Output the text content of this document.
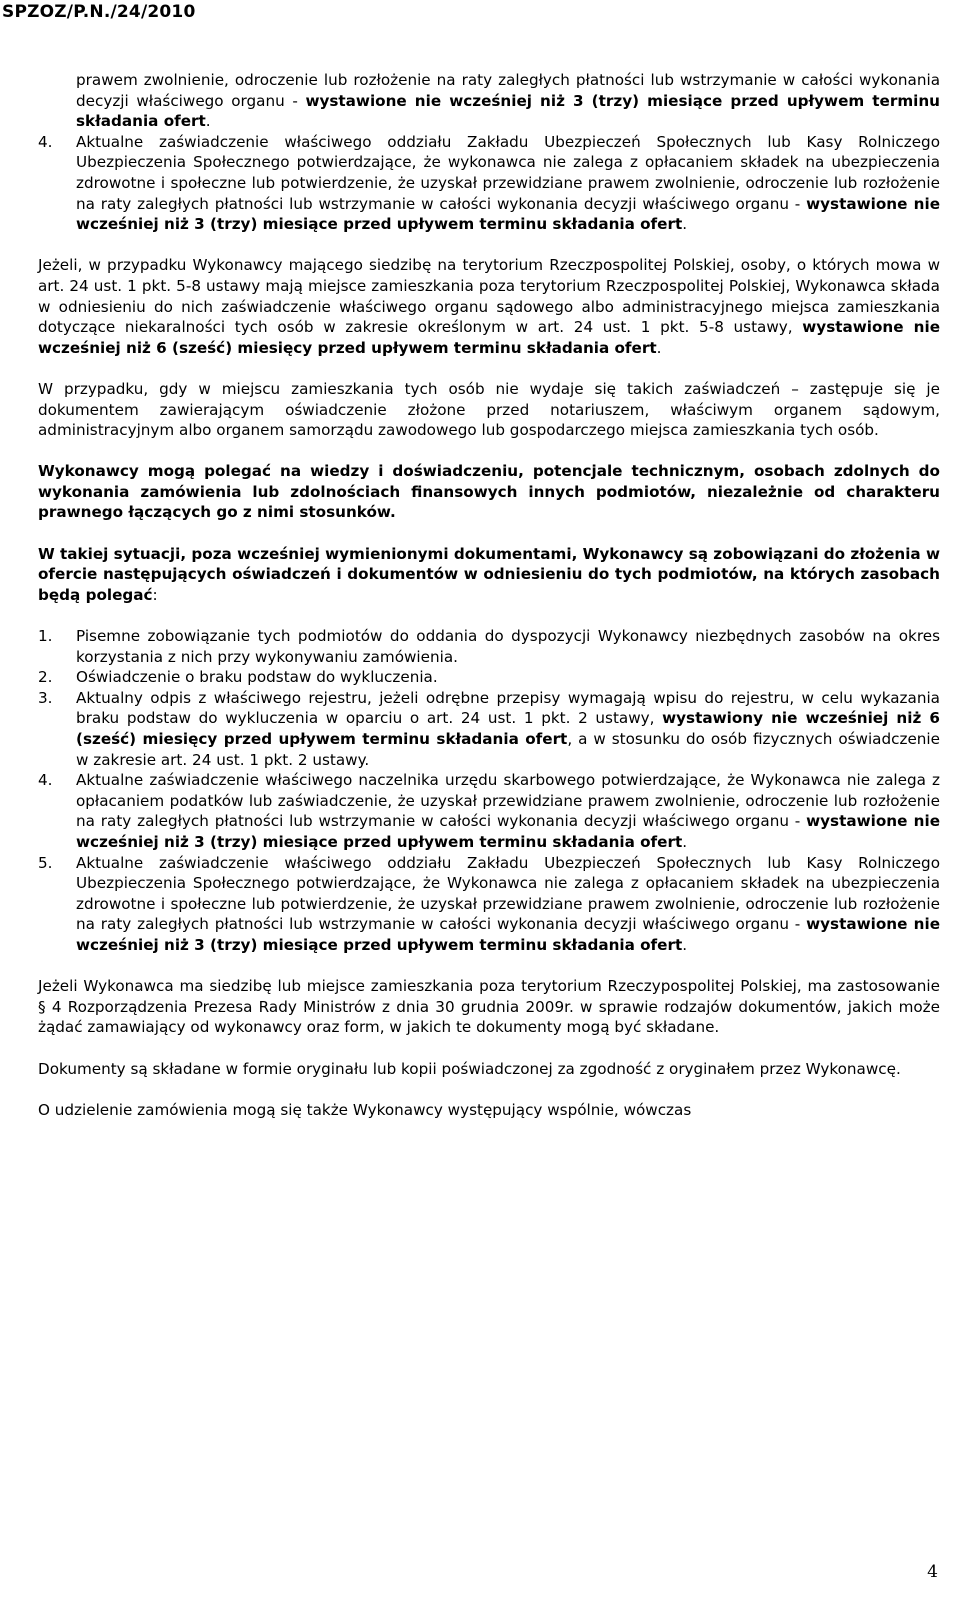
SPZOZ/P.N./24/2010

prawem zwolnienie, odroczenie lub rozłożenie na raty zaległych płatności lub wstrzymanie w całości wykonania decyzji właściwego organu - wystawione nie wcześniej niż 3 (trzy) miesiące przed upływem terminu składania ofert.

4.	Aktualne zaświadczenie właściwego oddziału Zakładu Ubezpieczeń Społecznych lub Kasy Rolniczego Ubezpieczenia Społecznego potwierdzające, że wykonawca nie zalega z opłacaniem składek na ubezpieczenia zdrowotne i społeczne lub potwierdzenie, że uzyskał przewidziane prawem zwolnienie, odroczenie lub rozłożenie na raty zaległych płatności lub wstrzymanie w całości wykonania decyzji właściwego organu - wystawione nie wcześniej niż 3 (trzy) miesiące przed upływem terminu składania ofert.

Jeżeli, w przypadku Wykonawcy mającego siedzibę na terytorium Rzeczpospolitej Polskiej, osoby, o których mowa w art. 24 ust. 1 pkt. 5-8 ustawy mają miejsce zamieszkania poza terytorium Rzeczpospolitej Polskiej, Wykonawca składa w odniesieniu do nich zaświadczenie właściwego organu sądowego albo administracyjnego miejsca zamieszkania dotyczące niekaralności tych osób w zakresie określonym w art. 24 ust. 1 pkt. 5-8 ustawy, wystawione nie wcześniej niż 6 (sześć) miesięcy przed upływem terminu składania ofert.

W przypadku, gdy w miejscu zamieszkania tych osób nie wydaje się takich zaświadczeń – zastępuje się je dokumentem zawierającym oświadczenie złożone przed notariuszem, właściwym organem sądowym, administracyjnym albo organem samorządu zawodowego lub gospodarczego miejsca zamieszkania tych osób.

Wykonawcy mogą polegać na wiedzy i doświadczeniu, potencjale technicznym, osobach zdolnych do wykonania zamówienia lub zdolnościach finansowych innych podmiotów, niezależnie od charakteru prawnego łączących go z nimi stosunków.

W takiej sytuacji, poza wcześniej wymienionymi dokumentami, Wykonawcy są zobowiązani do złożenia w ofercie następujących oświadczeń i dokumentów w odniesieniu do tych podmiotów, na których zasobach będą polegać:

1.	Pisemne zobowiązanie tych podmiotów do oddania do dyspozycji Wykonawcy niezbędnych zasobów na okres korzystania z nich przy wykonywaniu zamówienia.
2.	Oświadczenie o braku podstaw do wykluczenia.
3.	Aktualny odpis z właściwego rejestru, jeżeli odrębne przepisy wymagają wpisu do rejestru, w celu wykazania braku podstaw do wykluczenia w oparciu o art. 24 ust. 1 pkt. 2 ustawy, wystawiony nie wcześniej niż 6 (sześć) miesięcy przed upływem terminu składania ofert, a w stosunku do osób fizycznych oświadczenie w zakresie art. 24 ust. 1 pkt. 2 ustawy.
4.	Aktualne zaświadczenie właściwego naczelnika urzędu skarbowego potwierdzające, że Wykonawca nie zalega z opłacaniem podatków lub zaświadczenie, że uzyskał przewidziane prawem zwolnienie, odroczenie lub rozłożenie na raty zaległych płatności lub wstrzymanie w całości wykonania decyzji właściwego organu - wystawione nie wcześniej niż 3 (trzy) miesiące przed upływem terminu składania ofert.
5.	Aktualne zaświadczenie właściwego oddziału Zakładu Ubezpieczeń Społecznych lub Kasy Rolniczego Ubezpieczenia Społecznego potwierdzające, że Wykonawca nie zalega z opłacaniem składek na ubezpieczenia zdrowotne i społeczne lub potwierdzenie, że uzyskał przewidziane prawem zwolnienie, odroczenie lub rozłożenie na raty zaległych płatności lub wstrzymanie w całości wykonania decyzji właściwego organu - wystawione nie wcześniej niż 3 (trzy) miesiące przed upływem terminu składania ofert.

Jeżeli Wykonawca ma siedzibę lub miejsce zamieszkania poza terytorium Rzeczypospolitej Polskiej, ma zastosowanie § 4 Rozporządzenia Prezesa Rady Ministrów z dnia 30 grudnia 2009r. w sprawie rodzajów dokumentów, jakich może żądać zamawiający od wykonawcy oraz form, w jakich te dokumenty mogą być składane.

Dokumenty są składane w formie oryginału lub kopii poświadczonej za zgodność z oryginałem przez Wykonawcę.

O udzielenie zamówienia mogą się także Wykonawcy występujący wspólnie, wówczas

4
